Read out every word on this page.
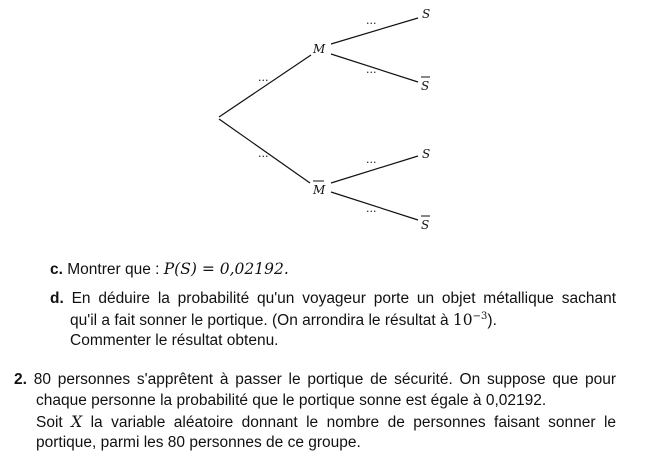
M
M
S
S
S
S
...
...
...
...
...
...
c. Montrer que : P(S) = 0,02192.
d. En déduire la probabilité qu'un voyageur porte un objet métallique sachant
qu'il a fait sonner le portique. (On arrondira le résultat à $10^{-3}$).
Commenter le résultat obtenu.
2. 80 personnes s'apprêtent à passer le portique de sécurité. On suppose que pour
chaque personne la probabilité que le portique sonne est égale à 0,02192.
Soit X la variable aléatoire donnant le nombre de personnes faisant sonner le
portique, parmi les 80 personnes de ce groupe.
